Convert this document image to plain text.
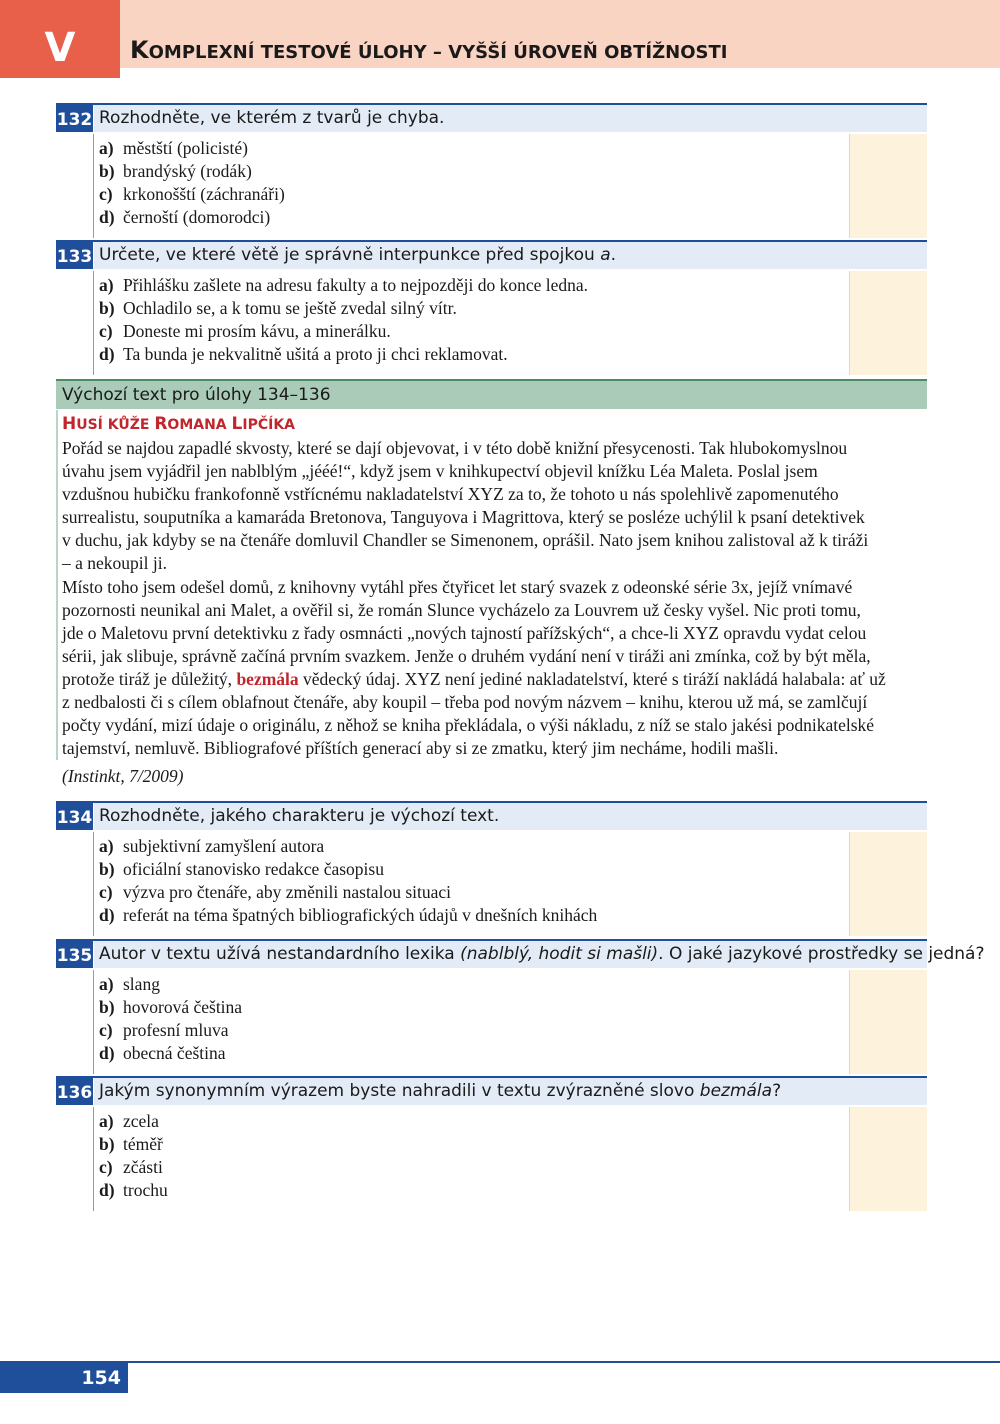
V	KOMPLEXNÍ TESTOVÉ ÚLOHY – VYŠŠÍ ÚROVEŇ OBTÍŽNOSTI
132 Rozhodněte, ve kterém z tvarů je chyba.
a) městští (policisté)
b) brandýský (rodák)
c) krkonošští (záchranáři)
d) černoští (domorodci)
133 Určete, ve které větě je správně interpunkce před spojkou a.
a) Přihlášku zašlete na adresu fakulty a to nejpozději do konce ledna.
b) Ochladilo se, a k tomu se ještě zvedal silný vítr.
c) Doneste mi prosím kávu, a minerálku.
d) Ta bunda je nekvalitně ušitá a proto ji chci reklamovat.
Výchozí text pro úlohy 134–136
HUSÍ KŮŽE ROMANA LIPČÍKA

Pořád se najdou zapadlé skvosty, které se dají objevovat, i v této době knižní přesycenosti. Tak hlubokomyslnou

úvahu jsem vyjádřil jen nablblým „jééé!“, když jsem v knihkupectví objevil knížku Léa Maleta. Poslal jsem

vzdušnou hubičku frankofonně vstřícnému nakladatelství XYZ za to, že tohoto u nás spolehlivě zapomenutého

surrealistu, souputníka a kamaráda Bretonova, Tanguyova i Magrittova, který se posléze uchýlil k psaní detektivek

v duchu, jak kdyby se na čtenáře domluvil Chandler se Simenonem, oprášil. Nato jsem knihou zalistoval až k tiráži

– a nekoupil ji.

Místo toho jsem odešel domů, z knihovny vytáhl přes čtyřicet let starý svazek z odeonské série 3x, jejíž vnímavé

pozornosti neunikal ani Malet, a ověřil si, že román Slunce vycházelo za Louvrem už česky vyšel. Nic proti tomu,

jde o Maletovu první detektivku z řady osmnácti „nových tajností pařížských“, a chce-li XYZ opravdu vydat celou

sérii, jak slibuje, správně začíná prvním svazkem. Jenže o druhém vydání není v tiráži ani zmínka, což by být měla,

protože tiráž je důležitý, bezmála vědecký údaj. XYZ není jediné nakladatelství, které s tiráží nakládá halabala: ať už

z nedbalosti či s cílem oblafnout čtenáře, aby koupil – třeba pod novým názvem – knihu, kterou už má, se zamlčují

počty vydání, mizí údaje o originálu, z něhož se kniha překládala, o výši nákladu, z níž se stalo jakési podnikatelské

tajemství, nemluvě. Bibliografové příštích generací aby si ze zmatku, který jim necháme, hodili mašli.

(Instinkt, 7/2009)
134 Rozhodněte, jakého charakteru je výchozí text.
a) subjektivní zamyšlení autora
b) oficiální stanovisko redakce časopisu
c) výzva pro čtenáře, aby změnili nastalou situaci
d) referát na téma špatných bibliografických údajů v dnešních knihách
135 Autor v textu užívá nestandardního lexika (nablblý, hodit si mašli). O jaké jazykové prostředky se jedná?
a) slang
b) hovorová čeština
c) profesní mluva
d) obecná čeština
136 Jakým synonymním výrazem byste nahradili v textu zvýrazněné slovo bezmála?
a) zcela
b) téměř
c) zčásti
d) trochu
154
